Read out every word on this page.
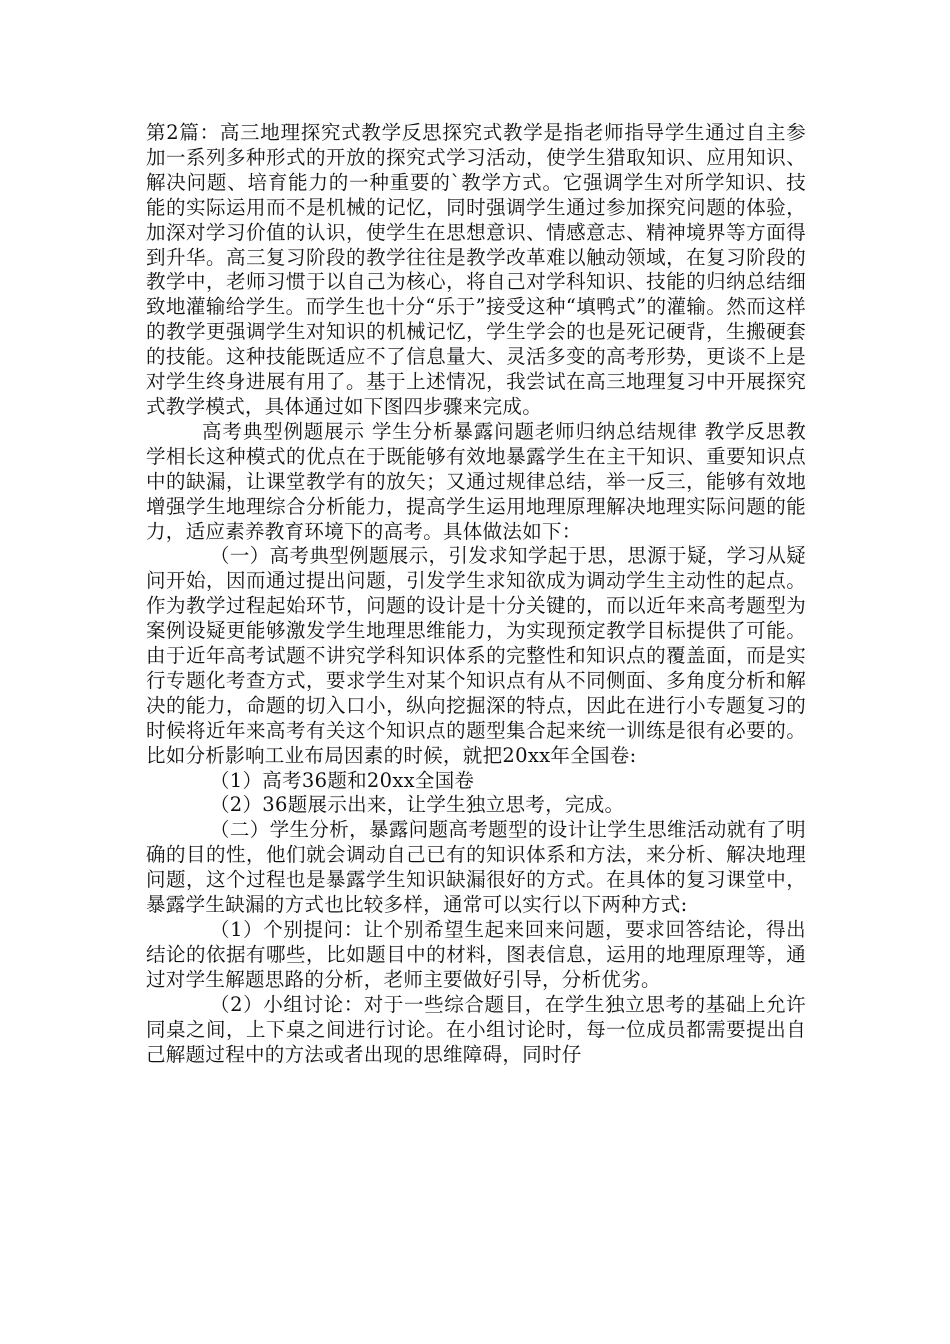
第2篇：高三地理探究式教学反思探究式教学是指老师指导学生通过自主参加一系列多种形式的开放的探究式学习活动，使学生猎取知识、应用知识、解决问题、培育能力的一种重要的`教学方式。它强调学生对所学知识、技能的实际运用而不是机械的记忆，同时强调学生通过参加探究问题的体验，加深对学习价值的认识，使学生在思想意识、情感意志、精神境界等方面得到升华。高三复习阶段的教学往往是教学改革难以触动领域，在复习阶段的教学中，老师习惯于以自己为核心，将自己对学科知识、技能的归纳总结细致地灌输给学生。而学生也十分“乐于”接受这种“填鸭式”的灌输。然而这样的教学更强调学生对知识的机械记忆，学生学会的也是死记硬背，生搬硬套的技能。这种技能既适应不了信息量大、灵活多变的高考形势，更谈不上是对学生终身进展有用了。基于上述情况，我尝试在高三地理复习中开展探究式教学模式，具体通过如下图四步骤来完成。

高考典型例题展示 学生分析暴露问题老师归纳总结规律 教学反思教学相长这种模式的优点在于既能够有效地暴露学生在主干知识、重要知识点中的缺漏，让课堂教学有的放矢；又通过规律总结，举一反三，能够有效地增强学生地理综合分析能力，提高学生运用地理原理解决地理实际问题的能力，适应素养教育环境下的高考。具体做法如下：

（一）高考典型例题展示，引发求知学起于思，思源于疑，学习从疑问开始，因而通过提出问题，引发学生求知欲成为调动学生主动性的起点。作为教学过程起始环节，问题的设计是十分关键的，而以近年来高考题型为案例设疑更能够激发学生地理思维能力，为实现预定教学目标提供了可能。由于近年高考试题不讲究学科知识体系的完整性和知识点的覆盖面，而是实行专题化考查方式，要求学生对某个知识点有从不同侧面、多角度分析和解决的能力，命题的切入口小，纵向挖掘深的特点，因此在进行小专题复习的时候将近年来高考有关这个知识点的题型集合起来统一训练是很有必要的。比如分析影响工业布局因素的时候，就把20xx年全国卷:

（1）高考36题和20xx全国卷

（2）36题展示出来，让学生独立思考，完成。

（二）学生分析，暴露问题高考题型的设计让学生思维活动就有了明确的目的性，他们就会调动自己已有的知识体系和方法，来分析、解决地理问题，这个过程也是暴露学生知识缺漏很好的方式。在具体的复习课堂中，暴露学生缺漏的方式也比较多样，通常可以实行以下两种方式:

（1）个别提问：让个别希望生起来回来问题，要求回答结论，得出结论的依据有哪些，比如题目中的材料，图表信息，运用的地理原理等，通过对学生解题思路的分析，老师主要做好引导，分析优劣。

（2）小组讨论：对于一些综合题目，在学生独立思考的基础上允许同桌之间，上下桌之间进行讨论。在小组讨论时，每一位成员都需要提出自己解题过程中的方法或者出现的思维障碍，同时仔
